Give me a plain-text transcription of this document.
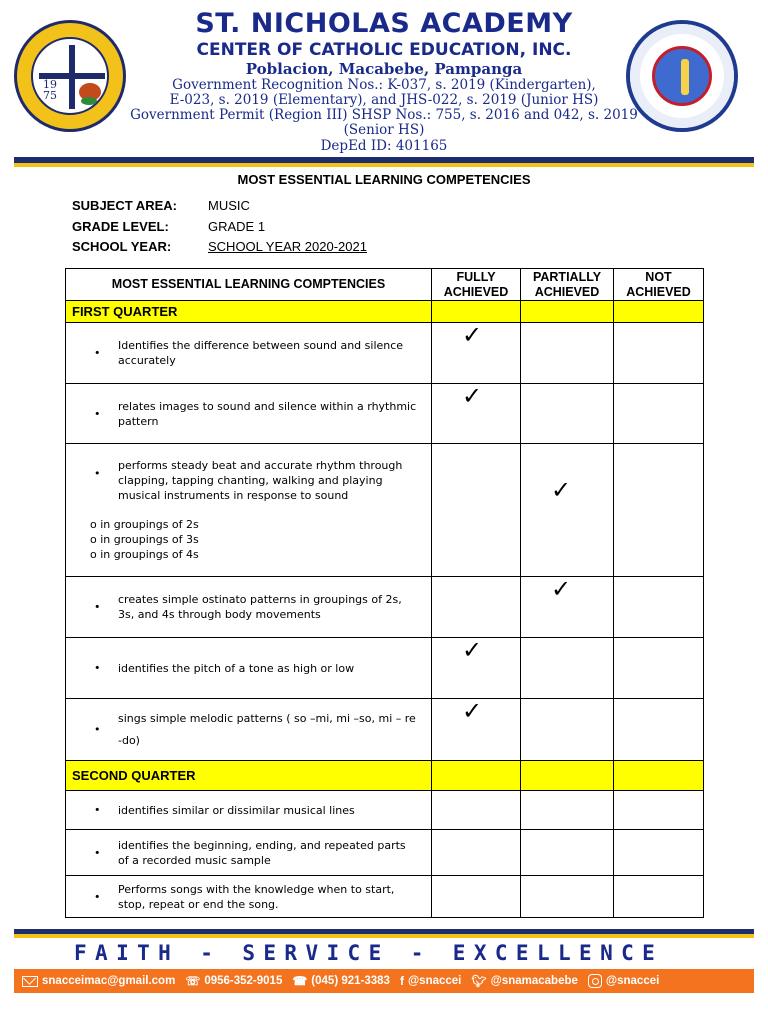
19
75
ST. NICHOLAS ACADEMY
CENTER OF CATHOLIC EDUCATION, INC.
Poblacion, Macabebe, Pampanga
Government Recognition Nos.: K-037, s. 2019 (Kindergarten),
E-023, s. 2019 (Elementary), and JHS-022, s. 2019 (Junior HS)
Government Permit (Region III) SHSP Nos.: 755, s. 2016 and 042, s. 2019
(Senior HS)
DepEd ID: 401165
MOST ESSENTIAL LEARNING COMPETENCIES
SUBJECT AREA: MUSIC
GRADE LEVEL:	GRADE 1
SCHOOL YEAR:	SCHOOL YEAR 2020-2021
MOST ESSENTIAL LEARNING COMPTENCIES	FULLY ACHIEVED	PARTIALLY ACHIEVED	NOT ACHIEVED
FIRST QUARTER			

•
Identifies the difference between sound and silence accurately	✓		

•
relates images to sound and silence within a rhythmic pattern	✓		

•
performs steady beat and accurate rhythm through clapping, tapping chanting, walking and playing musical instruments in response to sound
o in groupings of 2s
o in groupings of 3s
o in groupings of 4s		✓	

•
creates simple ostinato patterns in groupings of 2s, 3s, and 4s through body movements		✓	

• identifies the pitch of a tone as high or low	✓		

•
sings simple melodic patterns ( so –mi, mi –so, mi – re -do)	✓		

SECOND QUARTER			

• identifies similar or dissimilar musical lines			

•
identifies the beginning, ending, and repeated parts of a recorded music sample			

•
Performs songs with the knowledge when to start, stop, repeat or end the song.			

FAITH - SERVICE - EXCELLENCE
snacceimac@gmail.com ☏ 0956-352-9015 ☎ (045) 921-3383 f @snaccei 🐦︎ @snamacabebe @snaccei
